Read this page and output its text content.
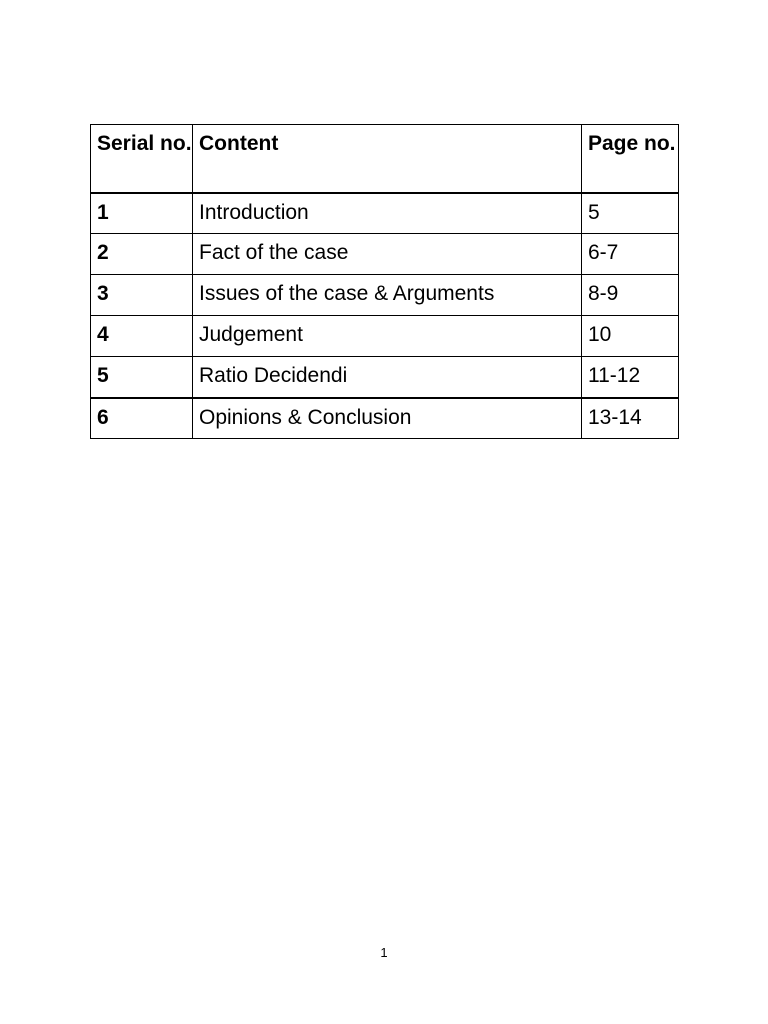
Serial no.	Content	Page no.
1	Introduction	5
2	Fact of the case	6-7
3	Issues of the case & Arguments	8-9
4	Judgement	10
5	Ratio Decidendi	11-12
6	Opinions & Conclusion	13-14
1
